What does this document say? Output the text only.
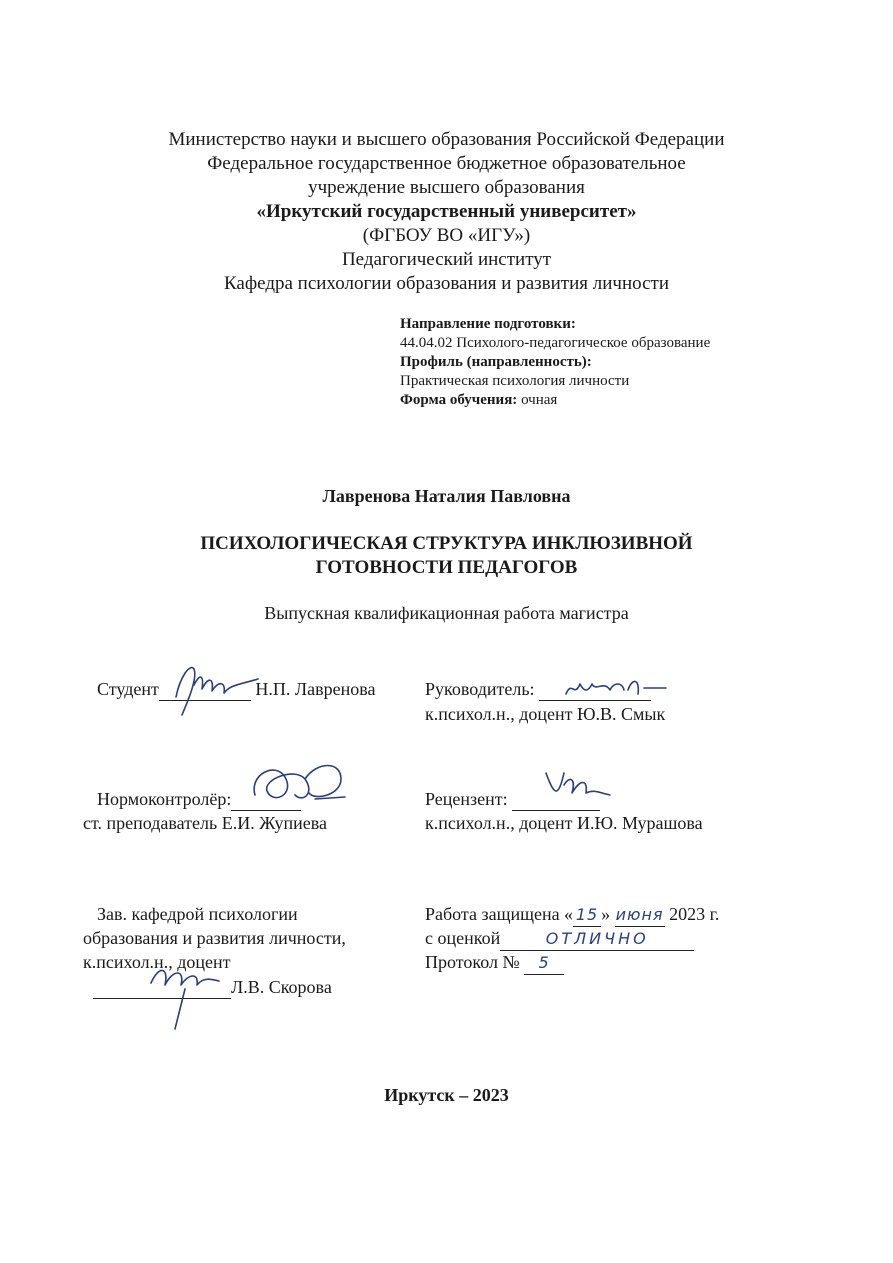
Министерство науки и высшего образования Российской Федерации
Федеральное государственное бюджетное образовательное
учреждение высшего образования
«Иркутский государственный университет»
(ФГБОУ ВО «ИГУ»)
Педагогический институт
Кафедра психологии образования и развития личности
Направление подготовки:
44.04.02 Психолого-педагогическое образование
Профиль (направленность):
Практическая психология личности
Форма обучения: очная
Лавренова Наталия Павловна
ПСИХОЛОГИЧЕСКАЯ СТРУКТУРА ИНКЛЮЗИВНОЙ
ГОТОВНОСТИ ПЕДАГОГОВ
Выпускная квалификационная работа магистра
Студент	Н.П. Лавренова	Руководитель:
к.психол.н., доцент Ю.В. Смык
Нормоконтролёр:
ст. преподаватель Е.И. Жупиева
Рецензент:
к.психол.н., доцент И.Ю. Мурашова
Зав. кафедрой психологии
образования и развития личности,
к.психол.н., доцент
Л.В. Скорова
Работа защищена « 15 » июня 2023 г.
с оценкой	ОТЛИЧНО
Протокол № 5
Иркутск – 2023
